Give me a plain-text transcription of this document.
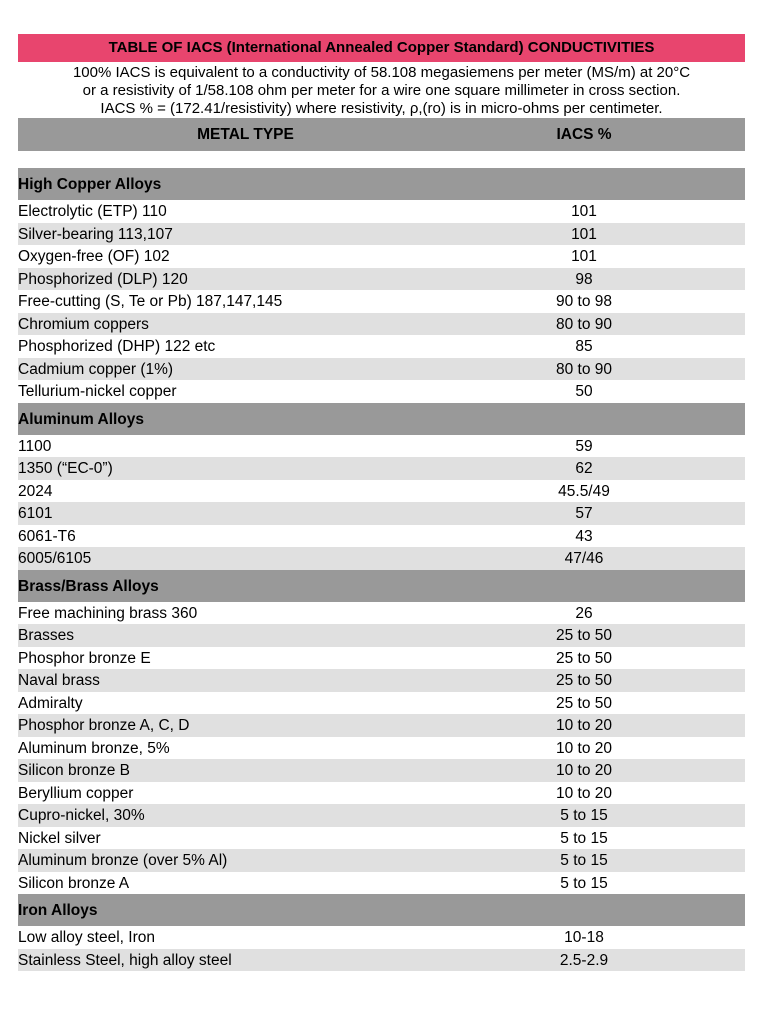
TABLE OF IACS (International Annealed Copper Standard) CONDUCTIVITIES
100% IACS is equivalent to a conductivity of 58.108 megasiemens per meter (MS/m) at 20°C
or a resistivity of 1/58.108 ohm per meter for a wire one square millimeter in cross section.
IACS % = (172.41/resistivity) where resistivity, ρ,(ro) is in micro-ohms per centimeter.
METAL TYPE	IACS %
High Copper Alloys
Electrolytic (ETP) 110	101
Silver-bearing 113,107	101
Oxygen-free (OF) 102	101
Phosphorized (DLP) 120	98
Free-cutting (S, Te or Pb) 187,147,145	90 to 98
Chromium coppers	80 to 90
Phosphorized (DHP) 122 etc	85
Cadmium copper (1%)	80 to 90
Tellurium-nickel copper	50
Aluminum Alloys
1100	59
1350 (“EC-0”)	62
2024	45.5/49
6101	57
6061-T6	43
6005/6105	47/46
Brass/Brass Alloys
Free machining brass 360	26
Brasses	25 to 50
Phosphor bronze E	25 to 50
Naval brass	25 to 50
Admiralty	25 to 50
Phosphor bronze A, C, D	10 to 20
Aluminum bronze, 5%	10 to 20
Silicon bronze B	10 to 20
Beryllium copper	10 to 20
Cupro-nickel, 30%	5 to 15
Nickel silver	5 to 15
Aluminum bronze (over 5% Al)	5 to 15
Silicon bronze A	5 to 15
Iron Alloys
Low alloy steel, Iron	10-18
Stainless Steel, high alloy steel	2.5-2.9
